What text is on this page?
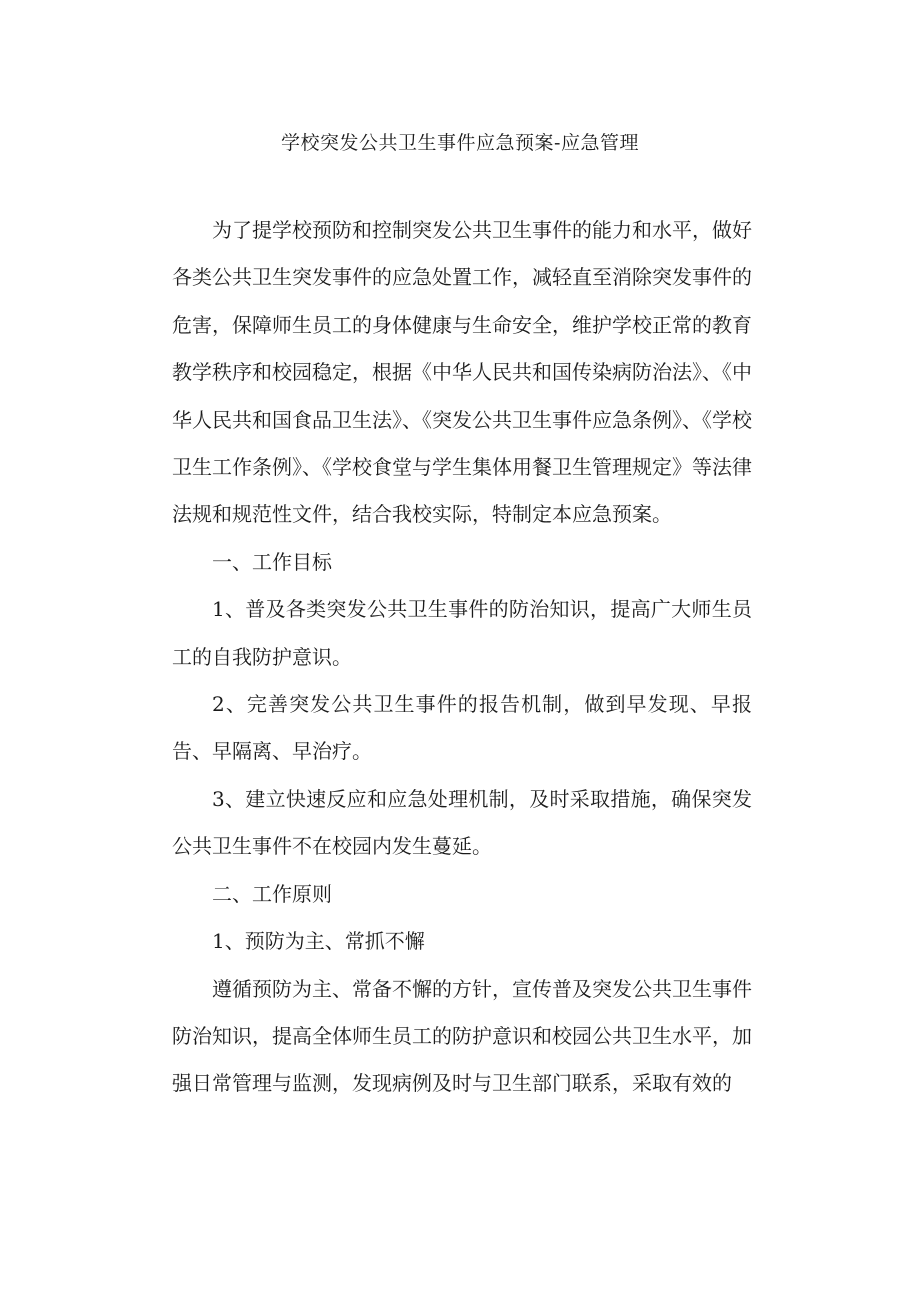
学校突发公共卫生事件应急预案-应急管理

为了提学校预防和控制突发公共卫生事件的能力和水平，做好各类公共卫生突发事件的应急处置工作，减轻直至消除突发事件的危害，保障师生员工的身体健康与生命安全，维护学校正常的教育教学秩序和校园稳定，根据《中华人民共和国传染病防治法》、《中华人民共和国食品卫生法》、《突发公共卫生事件应急条例》、《学校卫生工作条例》、《学校食堂与学生集体用餐卫生管理规定》等法律法规和规范性文件，结合我校实际，特制定本应急预案。

一、工作目标

1、普及各类突发公共卫生事件的防治知识，提高广大师生员工的自我防护意识。

2、完善突发公共卫生事件的报告机制，做到早发现、早报告、早隔离、早治疗。

3、建立快速反应和应急处理机制，及时采取措施，确保突发公共卫生事件不在校园内发生蔓延。

二、工作原则

1、预防为主、常抓不懈

遵循预防为主、常备不懈的方针，宣传普及突发公共卫生事件防治知识，提高全体师生员工的防护意识和校园公共卫生水平，加强日常管理与监测，发现病例及时与卫生部门联系，采取有效的
